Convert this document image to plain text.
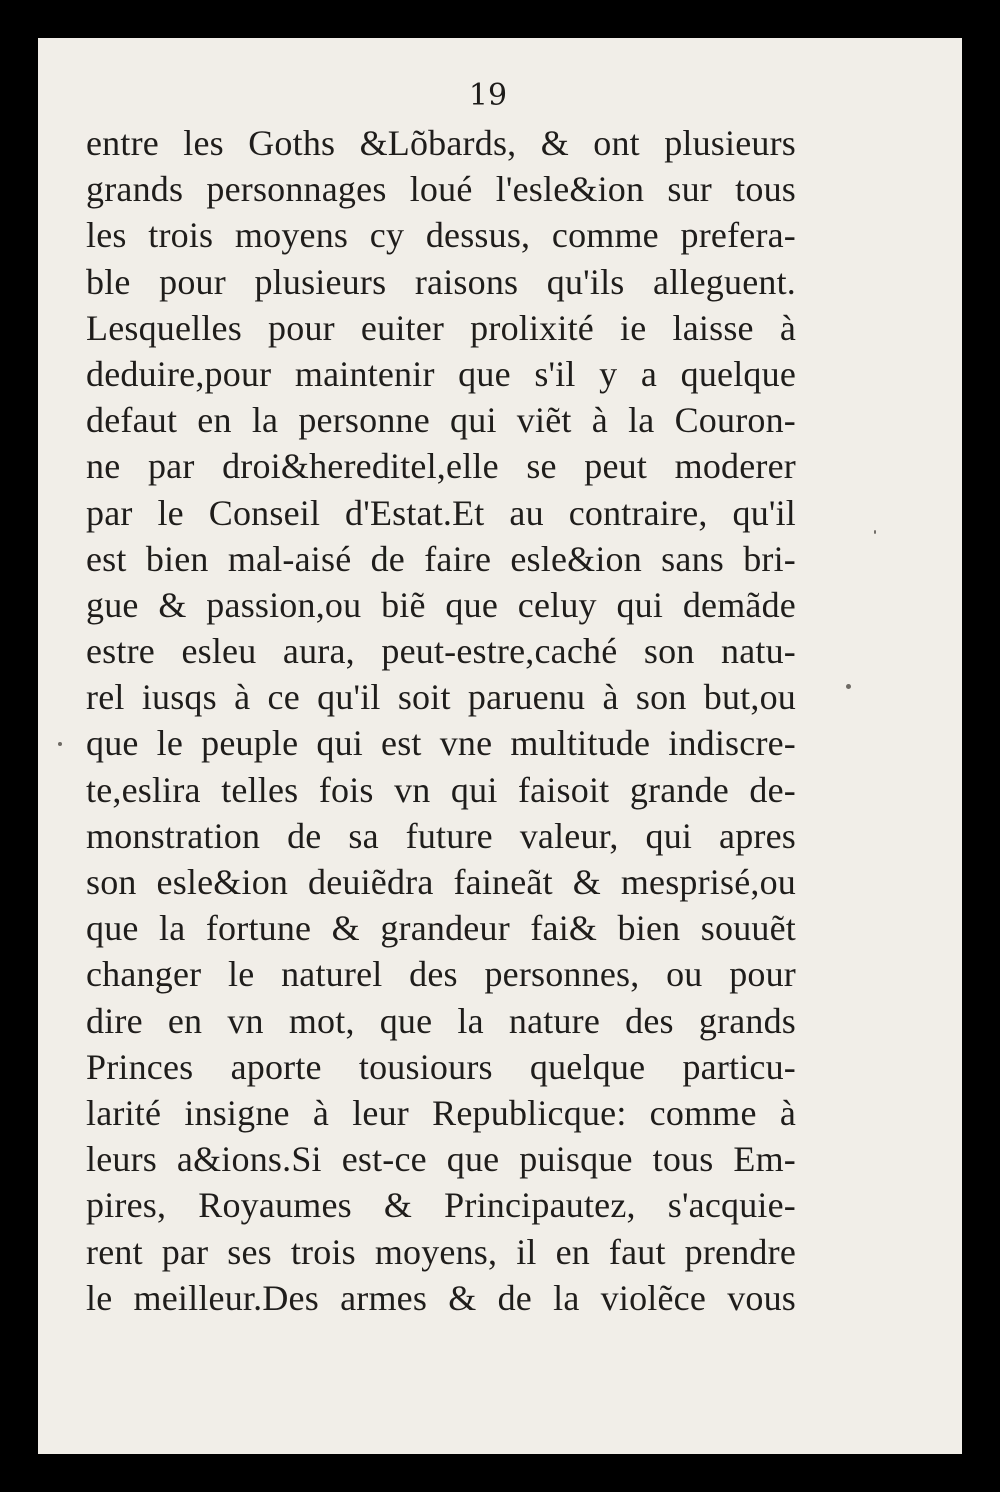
19
entre les Goths &Lõbards, & ont plusieurs
grands personnages loué l'esle&ion sur tous
les trois moyens cy dessus, comme prefera-
ble pour plusieurs raisons qu'ils alleguent.
Lesquelles pour euiter prolixité ie laisse à
deduire,pour maintenir que s'il y a quelque
defaut en la personne qui viẽt à la Couron-
ne par droi&hereditel,elle se peut moderer
par le Conseil d'Estat.Et au contraire, qu'il
est bien mal-aisé de faire esle&ion sans bri-
gue & passion,ou biẽ que celuy qui demãde
estre esleu aura, peut-estre,caché son natu-
rel iusqs à ce qu'il soit paruenu à son but,ou
que le peuple qui est vne multitude indiscre-
te,eslira telles fois vn qui faisoit grande de-
monstration de sa future valeur, qui apres
son esle&ion deuiẽdra faineãt & mesprisé,ou
que la fortune & grandeur fai& bien souuẽt
changer le naturel des personnes, ou pour
dire en vn mot, que la nature des grands
Princes aporte tousiours quelque particu-
larité insigne à leur Republicque: comme à
leurs a&ions.Si est-ce que puisque tous Em-
pires, Royaumes & Principautez, s'acquie-
rent par ses trois moyens, il en faut prendre
le meilleur.Des armes & de la violẽce vous
